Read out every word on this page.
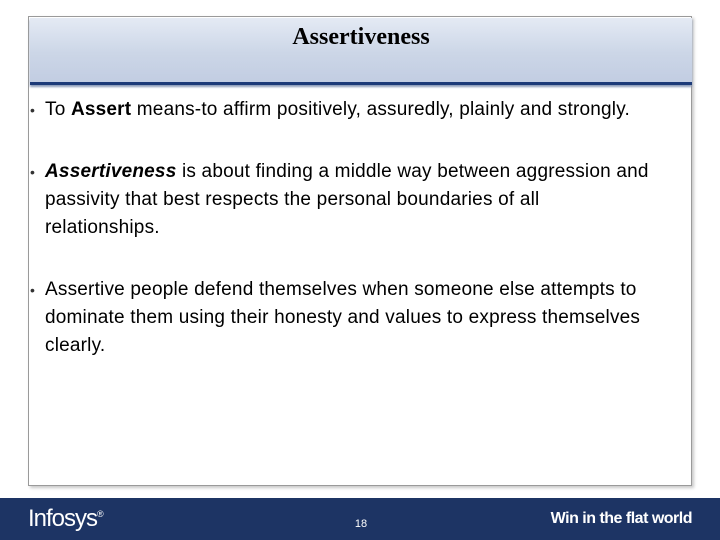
Assertiveness
• To Assert means-to affirm positively, assuredly, plainly and strongly.
• Assertiveness is about finding a middle way between aggression and passivity that best respects the personal boundaries of all relationships.
• Assertive people defend themselves when someone else attempts to dominate them using their honesty and values to express themselves clearly.
Infosys®
18	Win in the flat world
